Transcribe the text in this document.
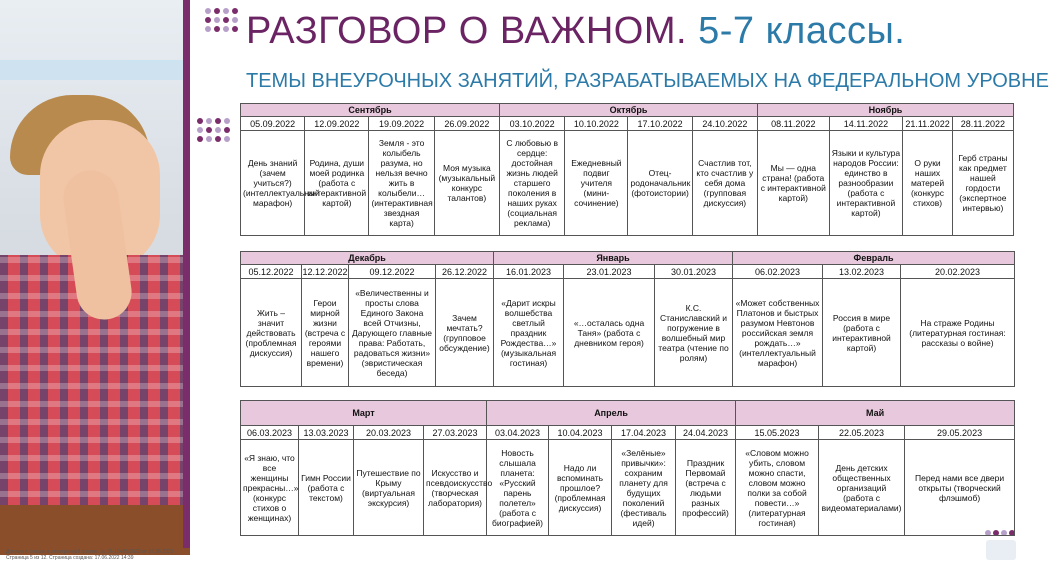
РАЗГОВОР О ВАЖНОМ. 5-7 классы.
ТЕМЫ ВНЕУРОЧНЫХ ЗАНЯТИЙ, РАЗРАБАТЫВАЕМЫХ НА ФЕДЕРАЛЬНОМ УРОВНЕ
Сентябрь				Октябрь				Ноябрь			
05.09.2022	12.09.2022	19.09.2022	26.09.2022	03.10.2022	10.10.2022	17.10.2022	24.10.2022	08.11.2022	14.11.2022	21.11.2022	28.11.2022
День знаний (зачем учиться?) (интеллектуальный марафон)	Родина, души моей родинка (работа с интерактивной картой)	Земля - это колыбель разума, но нельзя вечно жить в колыбели… (интерактивная звездная карта)	Моя музыка (музыкальный конкурс талантов)	С любовью в сердце: достойная жизнь людей старшего поколения в наших руках (социальная реклама)	Ежедневный подвиг учителя (мини-сочинение)	Отец-родоначальник (фотоистории)	Счастлив тот, кто счастлив у себя дома (групповая дискуссия)	Мы — одна страна! (работа с интерактивной картой)	Языки и культура народов России: единство в разнообразии (работа с интерактивной картой)	О руки наших матерей (конкурс стихов)	Герб страны как предмет нашей гордости (экспертное интервью)
Декабрь				Январь			Февраль		
05.12.2022	12.12.2022	09.12.2022	26.12.2022	16.01.2023	23.01.2023	30.01.2023	06.02.2023	13.02.2023	20.02.2023
Жить – значит действовать (проблемная дискуссия)	Герои мирной жизни (встреча с героями нашего времени)	«Величественны и просты слова Единого Закона всей Отчизны, Дарующего главные права: Работать, радоваться жизни» (эвристическая беседа)	Зачем мечтать? (групповое обсуждение)	«Дарит искры волшебства светлый праздник Рождества…» (музыкальная гостиная)	«…осталась одна Таня» (работа с дневником героя)	К.С. Станиславский и погружение в волшебный мир театра (чтение по ролям)	«Может собственных Платонов и быстрых разумом Невтонов российская земля рождать…» (интеллектуальный марафон)	Россия в мире (работа с интерактивной картой)	На страже Родины (литературная гостиная: рассказы о войне)
Март				Апрель				Май		
06.03.2023	13.03.2023	20.03.2023	27.03.2023	03.04.2023	10.04.2023	17.04.2023	24.04.2023	15.05.2023	22.05.2023	29.05.2023
«Я знаю, что все женщины прекрасны…» (конкурс стихов о женщинах)	Гимн России (работа с текстом)	Путешествие по Крыму (виртуальная экскурсия)	Искусство и псевдоискусство (творческая лаборатория)	Новость слышала планета: «Русский парень полетел» (работа с биографией)	Надо ли вспоминать прошлое? (проблемная дискуссия)	«Зелёные» привычки»: сохраним планету для будущих поколений (фестиваль идей)	Праздник Первомай (встреча с людьми разных профессий)	«Словом можно убить, словом можно спасти, словом можно полки за собой повести…» (литературная гостиная)	День детских общественных организаций (работа с видеоматериалами)	Перед нами все двери открыты (творческий флэшмоб)
Документ создан в электронной форме. № 06-16485/2022 от 17.06.2022
Страница 5 из 12. Страница создана: 17.06.2022 14:39
